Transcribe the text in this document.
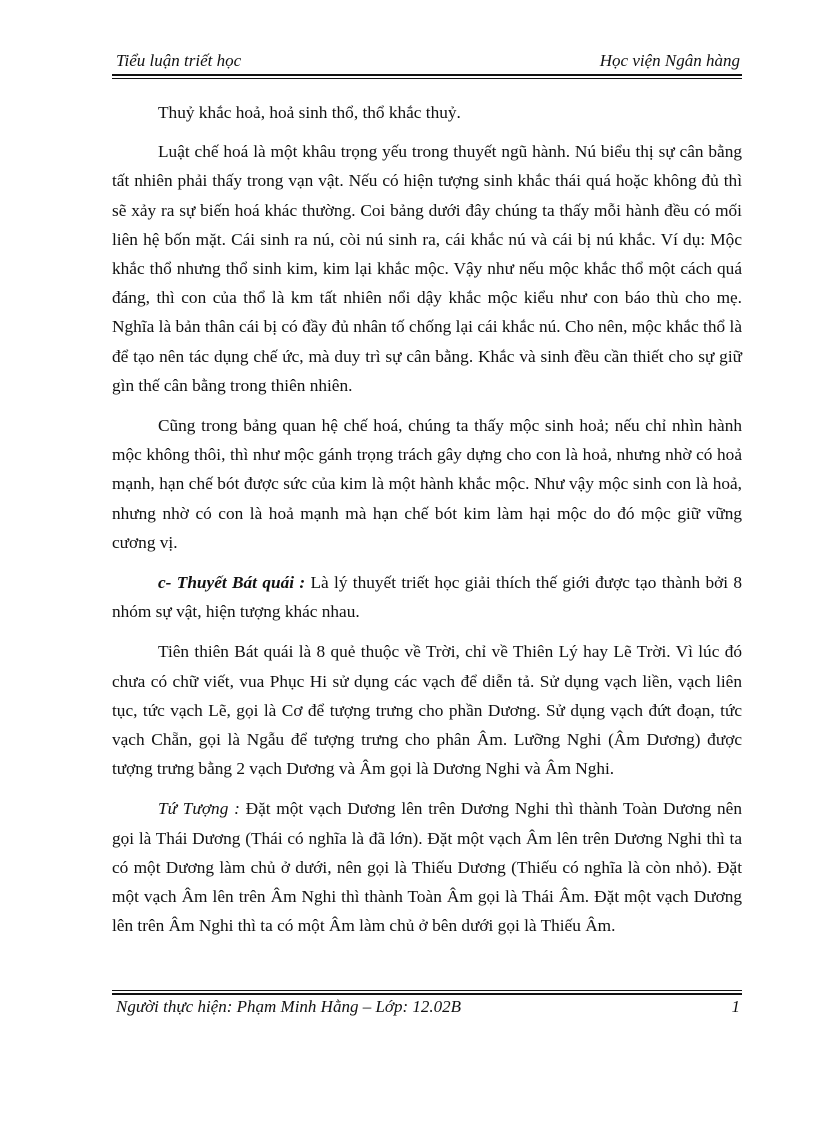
Tiểu luận triết học	Học viện Ngân hàng

Thuỷ khắc hoả, hoả sinh thổ, thổ khắc thuỷ.

Luật chế hoá là một khâu trọng yếu trong thuyết ngũ hành. Nú biểu thị sự cân bằng tất nhiên phải thấy trong vạn vật. Nếu có hiện tượng sinh khắc thái quá hoặc không đủ thì sẽ xảy ra sự biến hoá khác thường. Coi bảng dưới đây chúng ta thấy mỗi hành đều có mối liên hệ bốn mặt. Cái sinh ra nú, còi nú sinh ra, cái khắc nú và cái bị nú khắc. Ví dụ: Mộc khắc thổ nhưng thổ sinh kim, kim lại khắc mộc. Vậy như nếu mộc khắc thổ một cách quá đáng, thì con của thổ là km tất nhiên nổi dậy khắc mộc kiểu như con báo thù cho mẹ. Nghĩa là bản thân cái bị có đầy đủ nhân tố chống lại cái khắc nú. Cho nên, mộc khắc thổ là để tạo nên tác dụng chế ức, mà duy trì sự cân bằng. Khắc và sinh đều cần thiết cho sự giữ gìn thế cân bằng trong thiên nhiên.

Cũng trong bảng quan hệ chế hoá, chúng ta thấy mộc sinh hoả; nếu chỉ nhìn hành mộc không thôi, thì như mộc gánh trọng trách gây dựng cho con là hoả, nhưng nhờ có hoả mạnh, hạn chế bót được sức của kim là một hành khắc mộc. Như vậy mộc sinh con là hoả, nhưng nhờ có con là hoả mạnh mà hạn chế bót kim làm hại mộc do đó mộc giữ vững cương vị.

c- Thuyết Bát quái : Là lý thuyết triết học giải thích thế giới được tạo thành bởi 8 nhóm sự vật, hiện tượng khác nhau.

Tiên thiên Bát quái là 8 quẻ thuộc về Trời, chỉ về Thiên Lý hay Lẽ Trời. Vì lúc đó chưa có chữ viết, vua Phục Hi sử dụng các vạch để diễn tả. Sử dụng vạch liền, vạch liên tục, tức vạch Lẽ, gọi là Cơ để tượng trưng cho phần Dương. Sử dụng vạch đứt đoạn, tức vạch Chẵn, gọi là Ngẫu để tượng trưng cho phân Âm. Lưỡng Nghi (Âm Dương) được tượng trưng bằng 2 vạch Dương và Âm gọi là Dương Nghi và Âm Nghi.

Tứ Tượng : Đặt một vạch Dương lên trên Dương Nghi thì thành Toàn Dương nên gọi là Thái Dương (Thái có nghĩa là đã lớn). Đặt một vạch Âm lên trên Dương Nghi thì ta có một Dương làm chủ ở dưới, nên gọi là Thiếu Dương (Thiếu có nghĩa là còn nhỏ). Đặt một vạch Âm lên trên Âm Nghi thì thành Toàn Âm gọi là Thái Âm. Đặt một vạch Dương lên trên Âm Nghi thì ta có một Âm làm chủ ở bên dưới gọi là Thiếu Âm.

Người thực hiện: Phạm Minh Hằng – Lớp: 12.02B	1
